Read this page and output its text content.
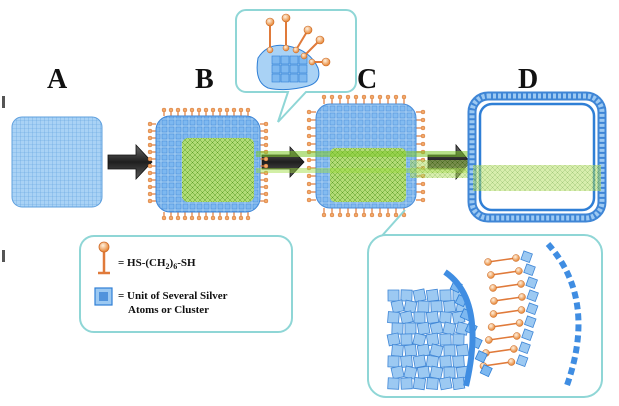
A	B	C	D
= $HS-(CH_2)_6-SH$
= Unit of Several Silver
Atoms or Cluster
